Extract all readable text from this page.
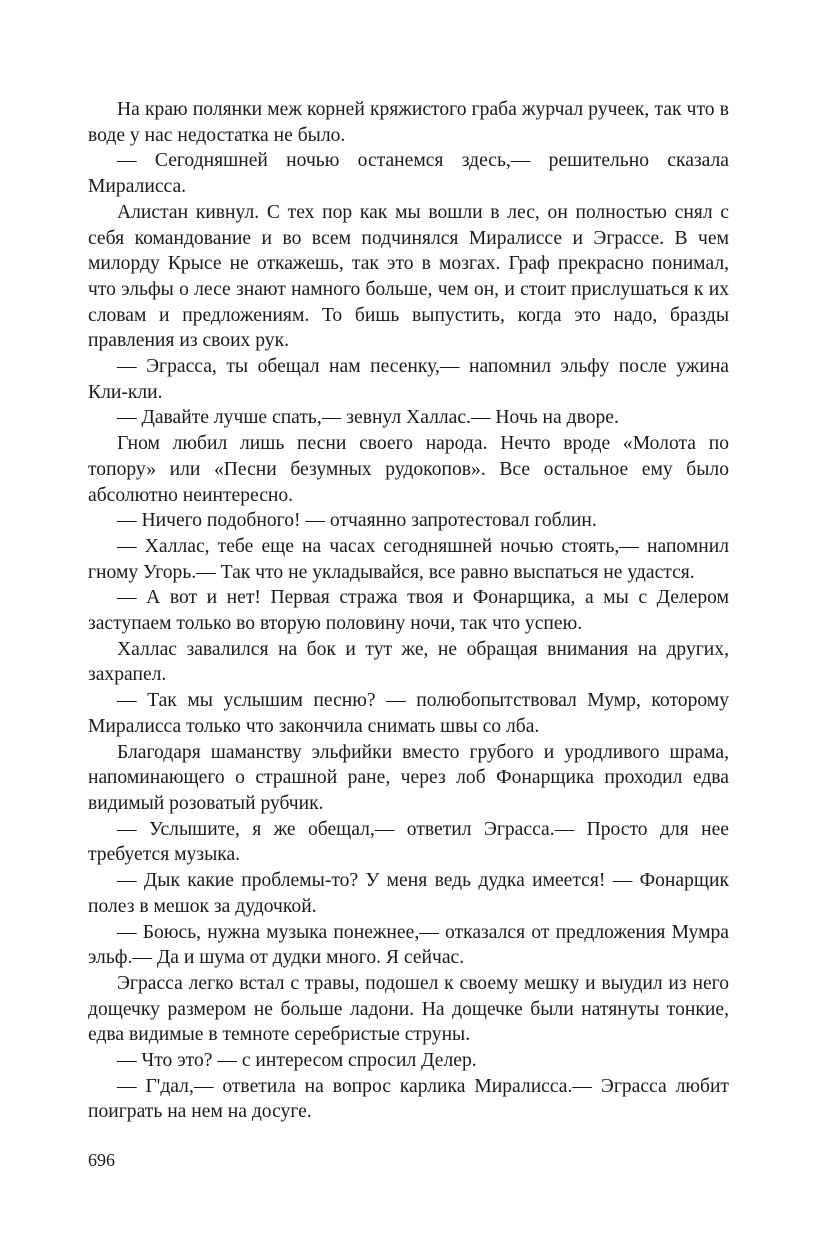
На краю полянки меж корней кряжистого граба журчал ручеек, так что в воде у нас недостатка не было.

— Сегодняшней ночью останемся здесь,— решительно сказала Миралисса.

Алистан кивнул. С тех пор как мы вошли в лес, он полностью снял с себя командование и во всем подчинялся Миралиссе и Эграссе. В чем милорду Крысе не откажешь, так это в мозгах. Граф прекрасно понимал, что эльфы о лесе знают намного больше, чем он, и стоит прислушаться к их словам и предложениям. То бишь выпустить, когда это надо, бразды правления из своих рук.

— Эграсса, ты обещал нам песенку,— напомнил эльфу после ужина Кли-кли.

— Давайте лучше спать,— зевнул Халлас.— Ночь на дворе.

Гном любил лишь песни своего народа. Нечто вроде «Молота по топору» или «Песни безумных рудокопов». Все остальное ему было абсолютно неинтересно.

— Ничего подобного! — отчаянно запротестовал гоблин.

— Халлас, тебе еще на часах сегодняшней ночью стоять,— напомнил гному Угорь.— Так что не укладывайся, все равно выспаться не удастся.

— А вот и нет! Первая стража твоя и Фонарщика, а мы с Делером заступаем только во вторую половину ночи, так что успею.

Халлас завалился на бок и тут же, не обращая внимания на других, захрапел.

— Так мы услышим песню? — полюбопытствовал Мумр, которому Миралисса только что закончила снимать швы со лба.

Благодаря шаманству эльфийки вместо грубого и уродливого шрама, напоминающего о страшной ране, через лоб Фонарщика проходил едва видимый розоватый рубчик.

— Услышите, я же обещал,— ответил Эграсса.— Просто для нее требуется музыка.

— Дык какие проблемы-то? У меня ведь дудка имеется! — Фонарщик полез в мешок за дудочкой.

— Боюсь, нужна музыка понежнее,— отказался от предложения Мумра эльф.— Да и шума от дудки много. Я сейчас.

Эграсса легко встал с травы, подошел к своему мешку и выудил из него дощечку размером не больше ладони. На дощечке были натянуты тонкие, едва видимые в темноте серебристые струны.

— Что это? — с интересом спросил Делер.

— Г'дал,— ответила на вопрос карлика Миралисса.— Эграсса любит поиграть на нем на досуге.

696
